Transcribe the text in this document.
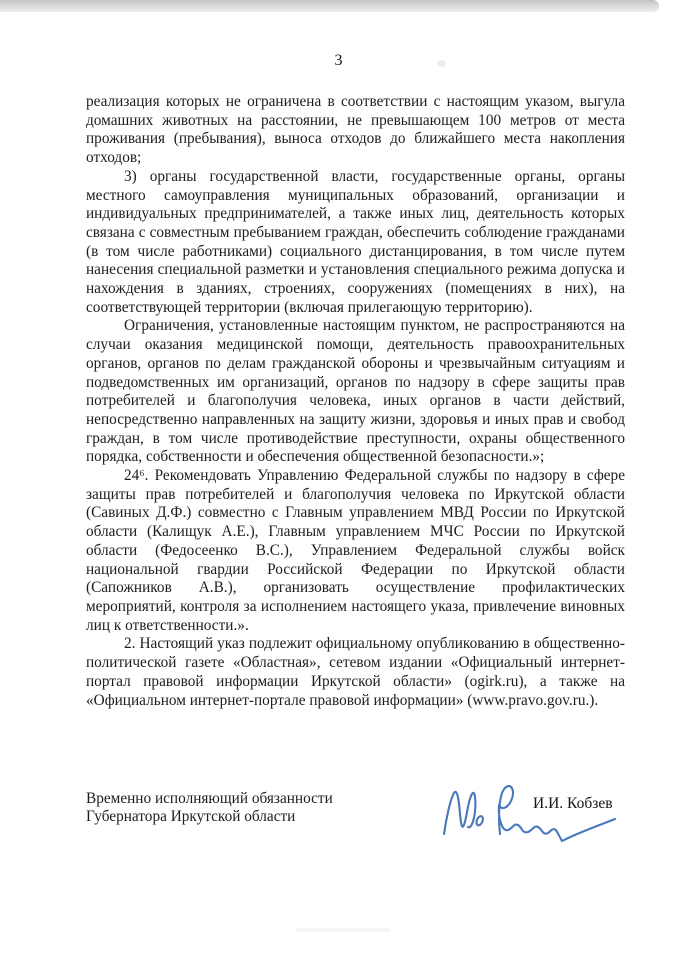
3

реализация которых не ограничена в соответствии с настоящим указом, выгула домашних животных на расстоянии, не превышающем 100 метров от места проживания (пребывания), выноса отходов до ближайшего места накопления отходов;

3) органы государственной власти, государственные органы, органы местного самоуправления муниципальных образований, организации и индивидуальных предпринимателей, а также иных лиц, деятельность которых связана с совместным пребыванием граждан, обеспечить соблюдение гражданами (в том числе работниками) социального дистанцирования, в том числе путем нанесения специальной разметки и установления специального режима допуска и нахождения в зданиях, строениях, сооружениях (помещениях в них), на соответствующей территории (включая прилегающую территорию).

Ограничения, установленные настоящим пунктом, не распространяются на случаи оказания медицинской помощи, деятельность правоохранительных органов, органов по делам гражданской обороны и чрезвычайным ситуациям и подведомственных им организаций, органов по надзору в сфере защиты прав потребителей и благополучия человека, иных органов в части действий, непосредственно направленных на защиту жизни, здоровья и иных прав и свобод граждан, в том числе противодействие преступности, охраны общественного порядка, собственности и обеспечения общественной безопасности.»;

24⁶. Рекомендовать Управлению Федеральной службы по надзору в сфере защиты прав потребителей и благополучия человека по Иркутской области (Савиных Д.Ф.) совместно с Главным управлением МВД России по Иркутской области (Калищук А.Е.), Главным управлением МЧС России по Иркутской области (Федосеенко В.С.), Управлением Федеральной службы войск национальной гвардии Российской Федерации по Иркутской области (Сапожников А.В.), организовать осуществление профилактических мероприятий, контроля за исполнением настоящего указа, привлечение виновных лиц к ответственности.».

2. Настоящий указ подлежит официальному опубликованию в общественно-политической газете «Областная», сетевом издании «Официальный интернет-портал правовой информации Иркутской области» (ogirk.ru), а также на «Официальном интернет-портале правовой информации» (www.pravo.gov.ru.).

Временно исполняющий обязанности
Губернатора Иркутской области
И.И. Кобзев
